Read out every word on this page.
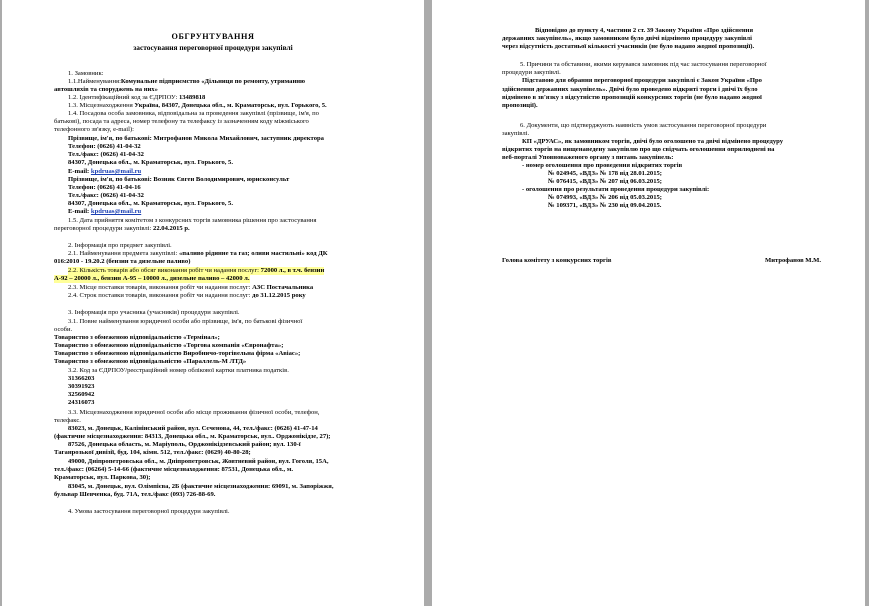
ОБГРУНТУВАННЯ
застосування переговорної процедури закупівлі
1. Замовник:
1.1.Найменування:Комунальне підприємство «Дільниця по ремонту, утриманню
автошляхів та споруджень на них»
1.2. Ідентифікаційний код за ЄДРПОУ: 13489818
1.3. Місцезнаходження Україна, 84307, Донецька обл., м. Краматорськ, вул. Горького, 5.
1.4. Посадова особа замовника, відповідальна за проведення закупівлі (прізвище, ім'я, по
батькові), посада та адреса, номер телефону та телефаксу із зазначенням коду міжміського
телефонного зв'язку, e-mail):
Прізвище, ім'я, по батькові: Митрофанов Микола Михайлович, заступник директора
Телефон: (0626) 41-04-32
Тел./факс: (0626) 41-04-32
84307, Донецька обл., м. Краматорськ, вул. Горького, 5.
E-mail: kpdruas@mail.ru
Прізвище, ім'я, по батькові: Возняк Євген Володимирович, юрисконсульт
Телефон: (0626) 41-04-16
Тел./факс: (0626) 41-04-32
84307, Донецька обл., м. Краматорськ, вул. Горького, 5.
E-mail: kpdruas@mail.ru
1.5. Дата прийняття комітетом з конкурсних торгів замовника рішення про застосування
переговорної процедури закупівлі: 22.04.2015 р.
2. Інформація про предмет закупівлі.
2.1. Найменування предмета закупівлі: «паливо рідинне та газ; оливи мастильні» код ДК
016:2010 - 19.20.2 (бензин та дизельне паливо)
2.2. Кількість товарів або обсяг виконання робіт чи надання послуг: 72000 л., в т.ч. бензин
А-92 – 20000 л., бензин А-95 – 10000 л., дизельне паливо – 42000 л.
2.3. Місце поставки товарів, виконання робіт чи надання послуг: АЗС Постачальника
2.4. Строк поставки товарів, виконання робіт чи надання послуг: до 31.12.2015 року
3. Інформація про учасника (учасників) процедури закупівлі.
3.1. Повне найменування юридичної особи або прізвище, ім'я, по батькові фізичної
особи.
Товариство з обмеженою відповідальністю «Термінал»;
Товариство з обмеженою відповідальністю «Торгова компанія «Євронафта»;
Товариство з обмеженою відповідальністю Виробничо-торгівельна фірма «Авіас»;
Товариство з обмеженою відповідальністю «Параллель-М ЛТД»
3.2. Код за ЄДРПОУ/реєстраційний номер облікової картки платника податків.
31366203
30391923
32560942
24316073
3.3. Місцезнаходження юридичної особи або місце проживання фізичної особи, телефон,
телефакс.
83023, м. Донецьк, Калінінський район, вул. Сєченова, 44, тел./факс: (0626) 41-47-14
(фактичне місцезнаходження: 84313, Донецька обл., м. Краматорськ, вул.. Орджонікідзе, 27);
87526, Донецька область, м. Маріуполь, Орджонікідзевський район; вул. 130-ї
Таганрозької дивізії, буд. 104, кімн. 512, тел./факс: (0629) 40-80-28;
49000, Дніпропетровська обл., м. Дніпропетровськ, Жовтневий район, вул. Гоголя, 15А,
тел./факс: (06264) 5-14-66 (фактичне місцезнаходження: 87531, Донецька обл., м.
Краматорськ, вул. Паркова, 30);
83045, м. Донецьк, вул. Олімпієва, 2Б (фактичне місцезнаходження: 69091, м. Запоріжжя,
бульвар Шевченка, буд. 71А, тел./факс (093) 726-88-69.
4. Умова застосування переговорної процедури закупівлі.
Відповідно до пункту 4, частини 2 ст. 39 Закону України «Про здійснення
державних закупівель», якщо замовником було двічі відмінено процедуру закупівлі
через відсутність достатньої кількості учасників (не було надано жодної пропозиції).
5. Причини та обставини, якими керувався замовник під час застосування переговорної
процедури закупівлі.
Підставою для обрання переговорної процедури закупівлі є Закон України «Про
здійснення державних закупівель». Двічі було проведено відкриті торги і двічі їх було
відмінено в зв'язку з відсутністю пропозицій конкурсних торгів (не було надано жодної
пропозиції).
6. Документи, що підтверджують наявність умов застосування переговорної процедури
закупівлі.
КП «ДРУАС», як замовником торгів, двічі було оголошено та двічі відмінено процедуру
відкритих торгів на вищенаведену закупівлю про що свідчать оголошення оприлюднені на
веб-порталі Уповноваженого органу з питань закупівель:
- номер оголошення про проведення відкритих торгів
№ 024945, «ВДЗ» № 178 від 28.01.2015;
№ 076415, «ВДЗ» № 207 від 06.03.2015;
- оголошення про результати проведення процедури закупівлі:
№ 074993, «ВДЗ» № 206 від 05.03.2015;
№ 109371, «ВДЗ» № 230 від 09.04.2015.
Голова комітету з конкурсних торгів	Митрофанов М.М.
